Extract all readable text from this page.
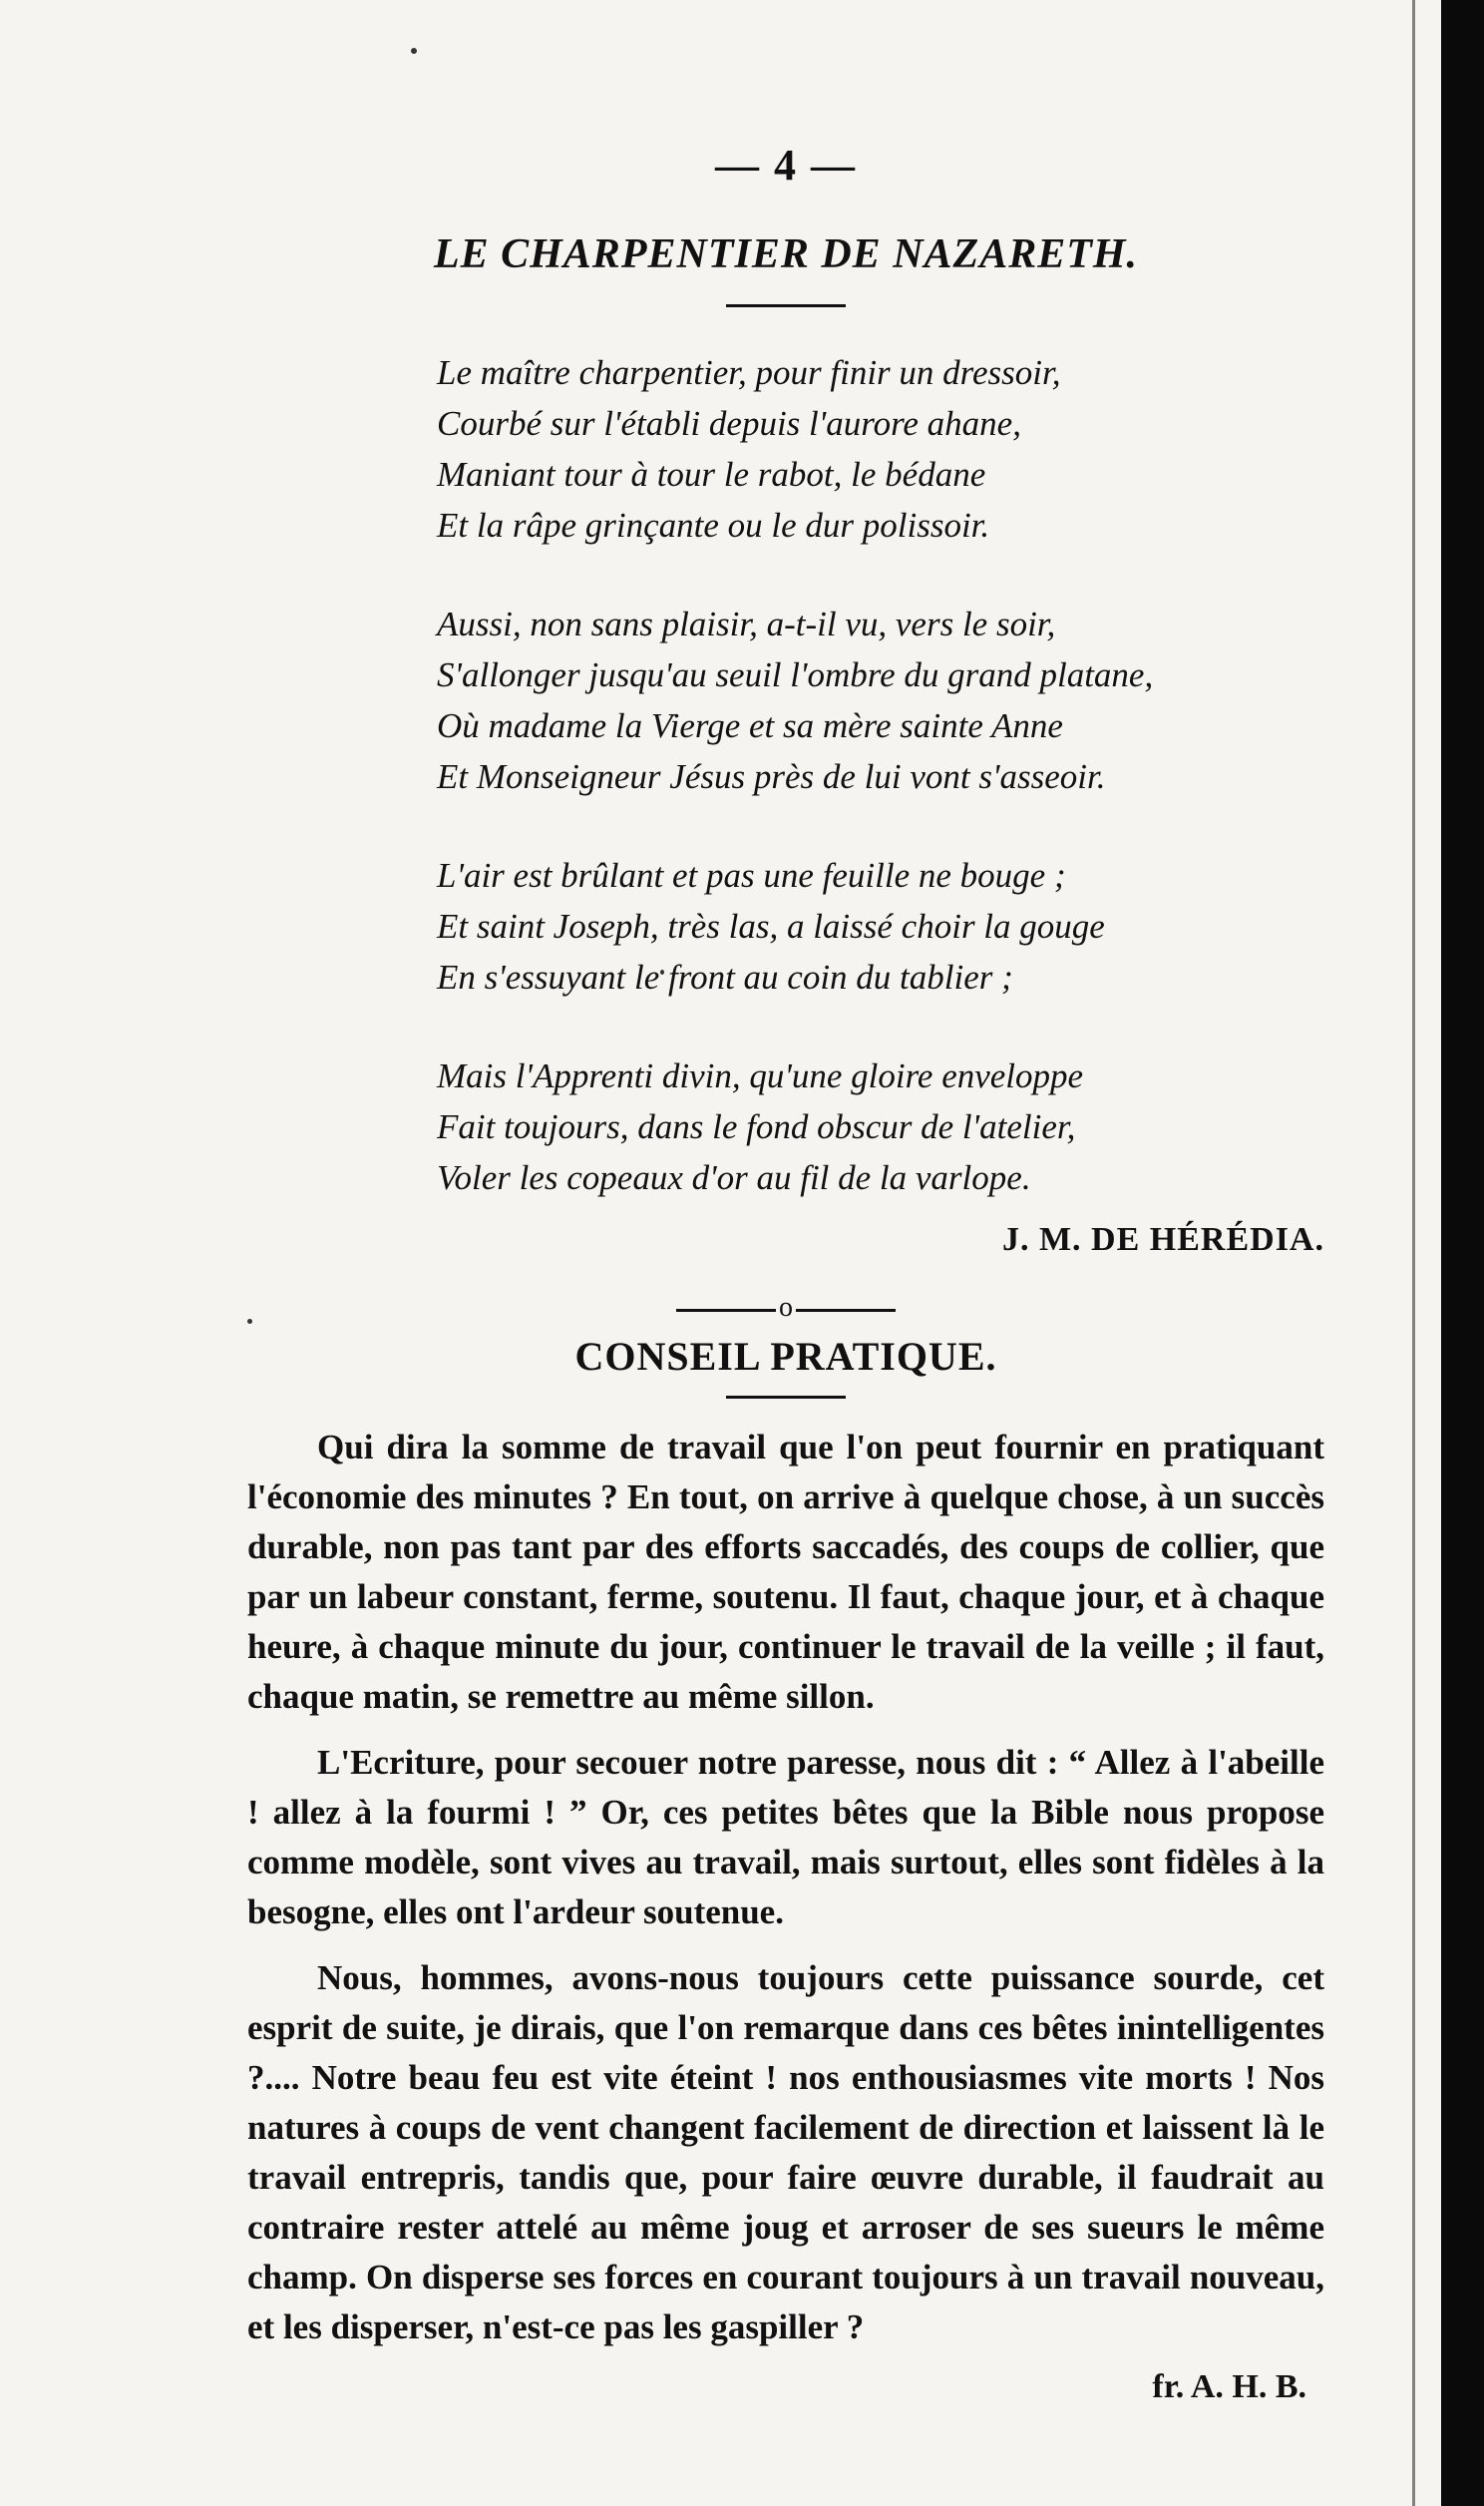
— 4 —
LE CHARPENTIER DE NAZARETH.
Le maître charpentier, pour finir un dressoir,
Courbé sur l'établi depuis l'aurore ahane,
Maniant tour à tour le rabot, le bédane
Et la râpe grinçante ou le dur polissoir.
Aussi, non sans plaisir, a-t-il vu, vers le soir,
S'allonger jusqu'au seuil l'ombre du grand platane,
Où madame la Vierge et sa mère sainte Anne
Et Monseigneur Jésus près de lui vont s'asseoir.
L'air est brûlant et pas une feuille ne bouge ;
Et saint Joseph, très las, a laissé choir la gouge
En s'essuyant le front au coin du tablier ;
Mais l'Apprenti divin, qu'une gloire enveloppe
Fait toujours, dans le fond obscur de l'atelier,
Voler les copeaux d'or au fil de la varlope.
J. M. DE HÉRÉDIA.
o
CONSEIL PRATIQUE.

Qui dira la somme de travail que l'on peut fournir en pratiquant l'économie des minutes ? En tout, on arrive à quelque chose, à un succès durable, non pas tant par des efforts saccadés, des coups de collier, que par un labeur constant, ferme, soutenu. Il faut, chaque jour, et à chaque heure, à chaque minute du jour, continuer le travail de la veille ; il faut, chaque matin, se remettre au même sillon.

L'Ecriture, pour secouer notre paresse, nous dit : “ Allez à l'abeille ! allez à la fourmi ! ” Or, ces petites bêtes que la Bible nous propose comme modèle, sont vives au travail, mais surtout, elles sont fidèles à la besogne, elles ont l'ardeur soutenue.

Nous, hommes, avons-nous toujours cette puissance sourde, cet esprit de suite, je dirais, que l'on remarque dans ces bêtes inintelligentes ?.... Notre beau feu est vite éteint ! nos enthousiasmes vite morts ! Nos natures à coups de vent changent facilement de direction et laissent là le travail entrepris, tandis que, pour faire œuvre durable, il faudrait au contraire rester attelé au même joug et arroser de ses sueurs le même champ. On disperse ses forces en courant toujours à un travail nouveau, et les disperser, n'est-ce pas les gaspiller ?

fr. A. H. B.
